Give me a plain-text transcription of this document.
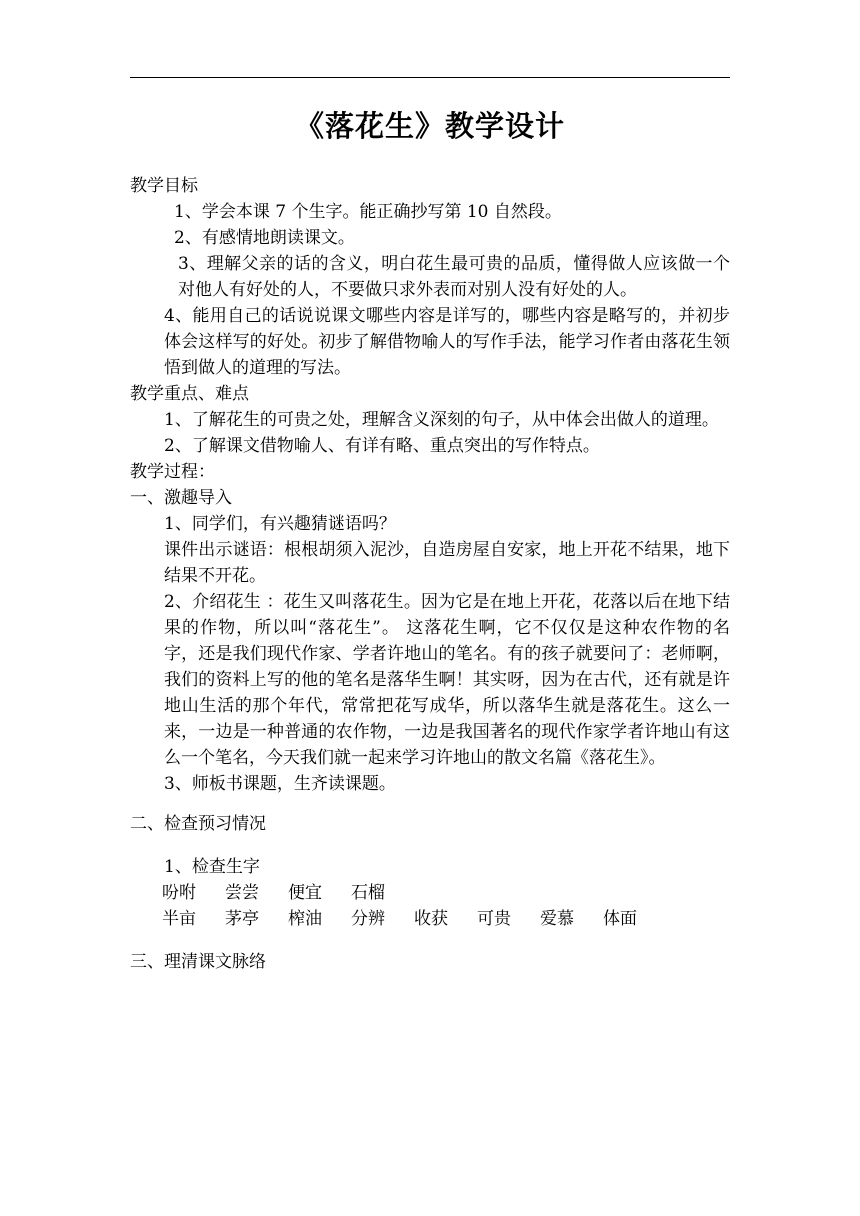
《落花生》教学设计

教学目标

1、学会本课 7 个生字。能正确抄写第 10 自然段。

2、有感情地朗读课文。

3、理解父亲的话的含义，明白花生最可贵的品质，懂得做人应该做一个对他人有好处的人，不要做只求外表而对别人没有好处的人。

4、能用自己的话说说课文哪些内容是详写的，哪些内容是略写的，并初步体会这样写的好处。初步了解借物喻人的写作手法，能学习作者由落花生领悟到做人的道理的写法。

教学重点、难点

1、了解花生的可贵之处，理解含义深刻的句子，从中体会出做人的道理。

2、了解课文借物喻人、有详有略、重点突出的写作特点。

教学过程：

一、激趣导入

1、同学们，有兴趣猜谜语吗？

课件出示谜语：根根胡须入泥沙，自造房屋自安家，地上开花不结果，地下结果不开花。

2、介绍花生 ：花生又叫落花生。因为它是在地上开花，花落以后在地下结果的作物，所以叫“落花生”。 这落花生啊，它不仅仅是这种农作物的名字，还是我们现代作家、学者许地山的笔名。有的孩子就要问了：老师啊，我们的资料上写的他的笔名是落华生啊！其实呀，因为在古代，还有就是许地山生活的那个年代，常常把花写成华，所以落华生就是落花生。这么一来，一边是一种普通的农作物，一边是我国著名的现代作家学者许地山有这么一个笔名，今天我们就一起来学习许地山的散文名篇《落花生》。

3、师板书课题，生齐读课题。

二、检查预习情况

1、检查生字

吩咐 尝尝 便宜 石榴

半亩 茅亭 榨油 分辨 收获 可贵 爱慕 体面

三、理清课文脉络
